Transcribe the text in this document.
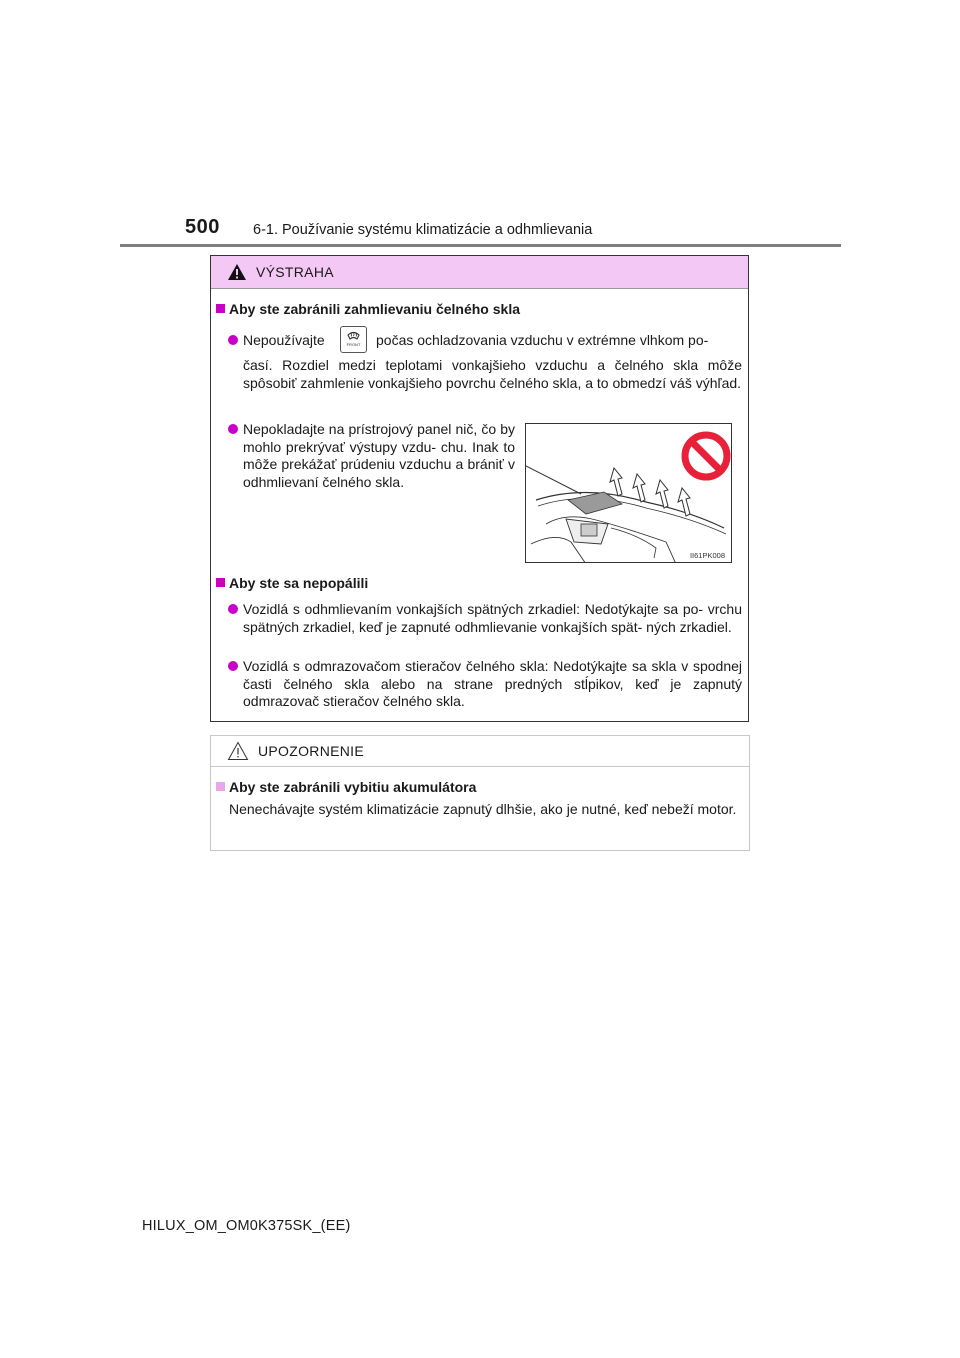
500 6-1. Používanie systému klimatizácie a odhmlievania
VÝSTRAHA
Aby ste zabránili zahmlievaniu čelného skla
Nepoužívajte	FRONT počas ochladzovania vzduchu v extrémne vlhkom po-
časí. Rozdiel medzi teplotami vonkajšieho vzduchu a čelného skla môže spôsobiť zahmlenie vonkajšieho povrchu čelného skla, a to obmedzí váš výhľad.
Nepokladajte na prístrojový panel nič, čo by mohlo prekrývať výstupy vzdu- chu. Inak to môže prekážať prúdeniu vzduchu a brániť v odhmlievaní čelného skla.
II61PK008
Aby ste sa nepopálili
Vozidlá s odhmlievaním vonkajších spätných zrkadiel: Nedotýkajte sa po- vrchu spätných zrkadiel, keď je zapnuté odhmlievanie vonkajších spät- ných zrkadiel.
Vozidlá s odmrazovačom stieračov čelného skla: Nedotýkajte sa skla v spodnej časti čelného skla alebo na strane predných stĺpikov, keď je zapnutý odmrazovač stieračov čelného skla.
UPOZORNENIE
Aby ste zabránili vybitiu akumulátora
Nenechávajte systém klimatizácie zapnutý dlhšie, ako je nutné, keď nebeží motor.
HILUX_OM_OM0K375SK_(EE)
